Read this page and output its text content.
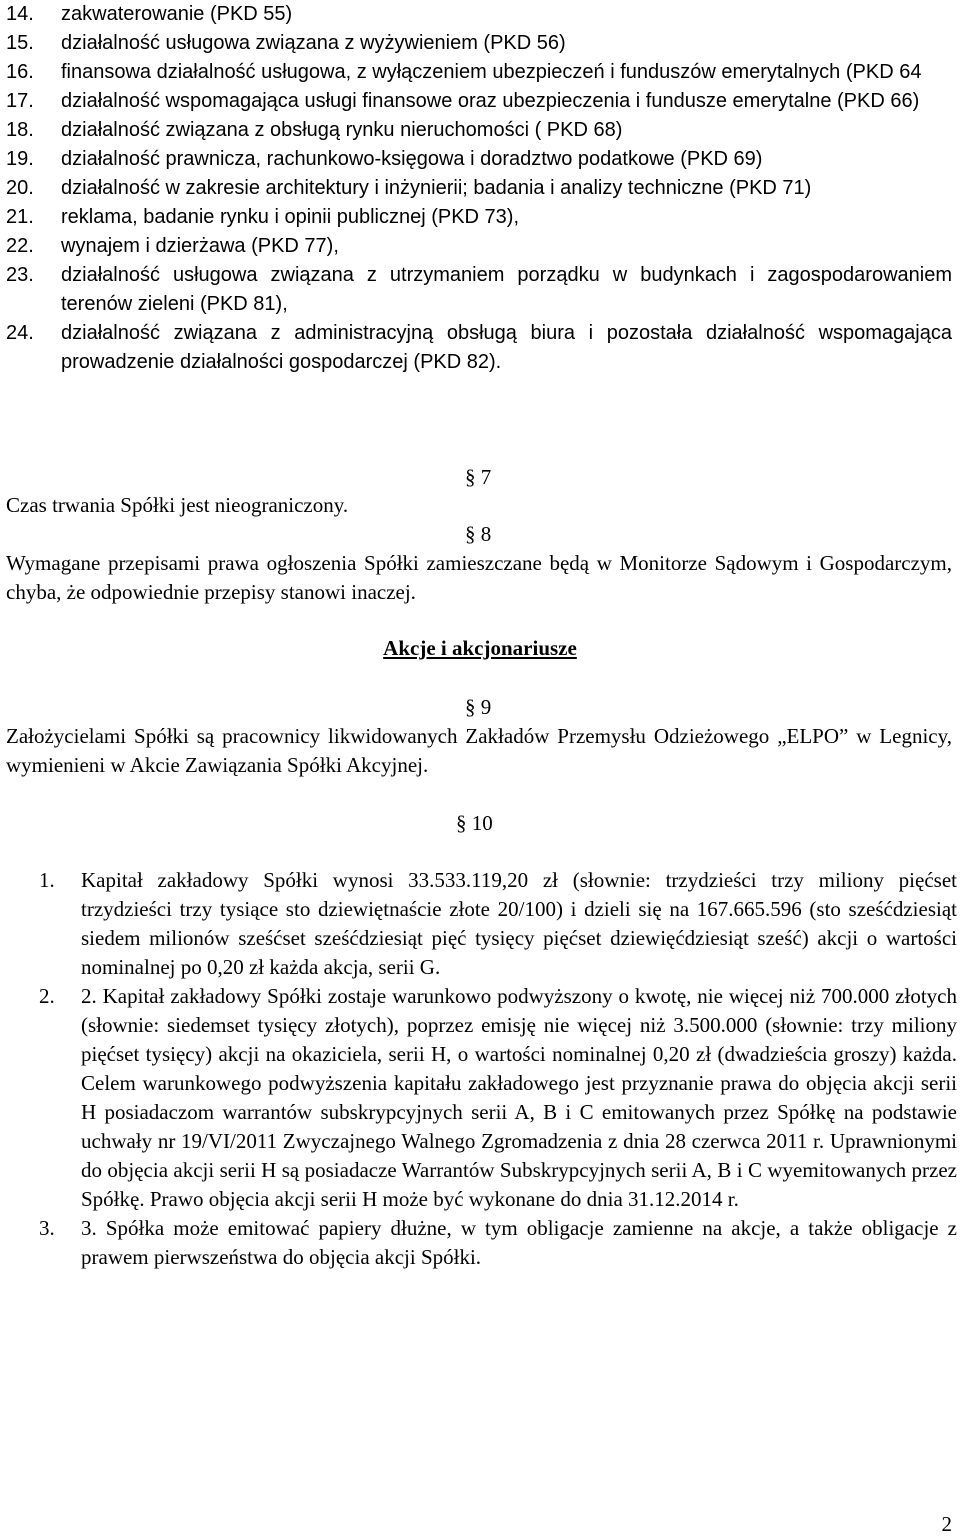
14.	zakwaterowanie (PKD 55)
15.	działalność usługowa związana z wyżywieniem (PKD 56)
16.	finansowa działalność usługowa, z wyłączeniem ubezpieczeń i funduszów emerytalnych (PKD 64
17.	działalność wspomagająca usługi finansowe oraz ubezpieczenia i fundusze emerytalne (PKD 66)
18.	działalność związana z obsługą rynku nieruchomości ( PKD 68)
19.	działalność prawnicza, rachunkowo-księgowa i doradztwo podatkowe (PKD 69)
20.	działalność w zakresie architektury i inżynierii; badania i analizy techniczne (PKD 71)
21.	reklama, badanie rynku i opinii publicznej (PKD 73),
22.	wynajem i dzierżawa (PKD 77),
23.	działalność usługowa związana z utrzymaniem porządku w budynkach i zagospodarowaniem terenów zieleni (PKD 81),
24.	działalność związana z administracyjną obsługą biura i pozostała działalność wspomagająca prowadzenie działalności gospodarczej (PKD 82).
§ 7
Czas trwania Spółki jest nieograniczony.
§ 8
Wymagane przepisami prawa ogłoszenia Spółki zamieszczane będą w Monitorze Sądowym i Gospodarczym, chyba, że odpowiednie przepisy stanowi inaczej.
Akcje i akcjonariusze
§ 9
Założycielami Spółki są pracownicy likwidowanych Zakładów Przemysłu Odzieżowego „ELPO” w Legnicy, wymienieni w Akcie Zawiązania Spółki Akcyjnej.
§ 10
1.	Kapitał zakładowy Spółki wynosi 33.533.119,20 zł (słownie: trzydzieści trzy miliony pięćset trzydzieści trzy tysiące sto dziewiętnaście złote 20/100) i dzieli się na 167.665.596 (sto sześćdziesiąt siedem milionów sześćset sześćdziesiąt pięć tysięcy pięćset dziewięćdziesiąt sześć) akcji o wartości nominalnej po 0,20 zł każda akcja, serii G.
2.	2. Kapitał zakładowy Spółki zostaje warunkowo podwyższony o kwotę, nie więcej niż 700.000 złotych (słownie: siedemset tysięcy złotych), poprzez emisję nie więcej niż 3.500.000 (słownie: trzy miliony pięćset tysięcy) akcji na okaziciela, serii H, o wartości nominalnej 0,20 zł (dwadzieścia groszy) każda. Celem warunkowego podwyższenia kapitału zakładowego jest przyznanie prawa do objęcia akcji serii H posiadaczom warrantów subskrypcyjnych serii A, B i C emitowanych przez Spółkę na podstawie uchwały nr 19/VI/2011 Zwyczajnego Walnego Zgromadzenia z dnia 28 czerwca 2011 r. Uprawnionymi do objęcia akcji serii H są posiadacze Warrantów Subskrypcyjnych serii A, B i C wyemitowanych przez Spółkę. Prawo objęcia akcji serii H może być wykonane do dnia 31.12.2014 r.
3.	3. Spółka może emitować papiery dłużne, w tym obligacje zamienne na akcje, a także obligacje z prawem pierwszeństwa do objęcia akcji Spółki.
2
